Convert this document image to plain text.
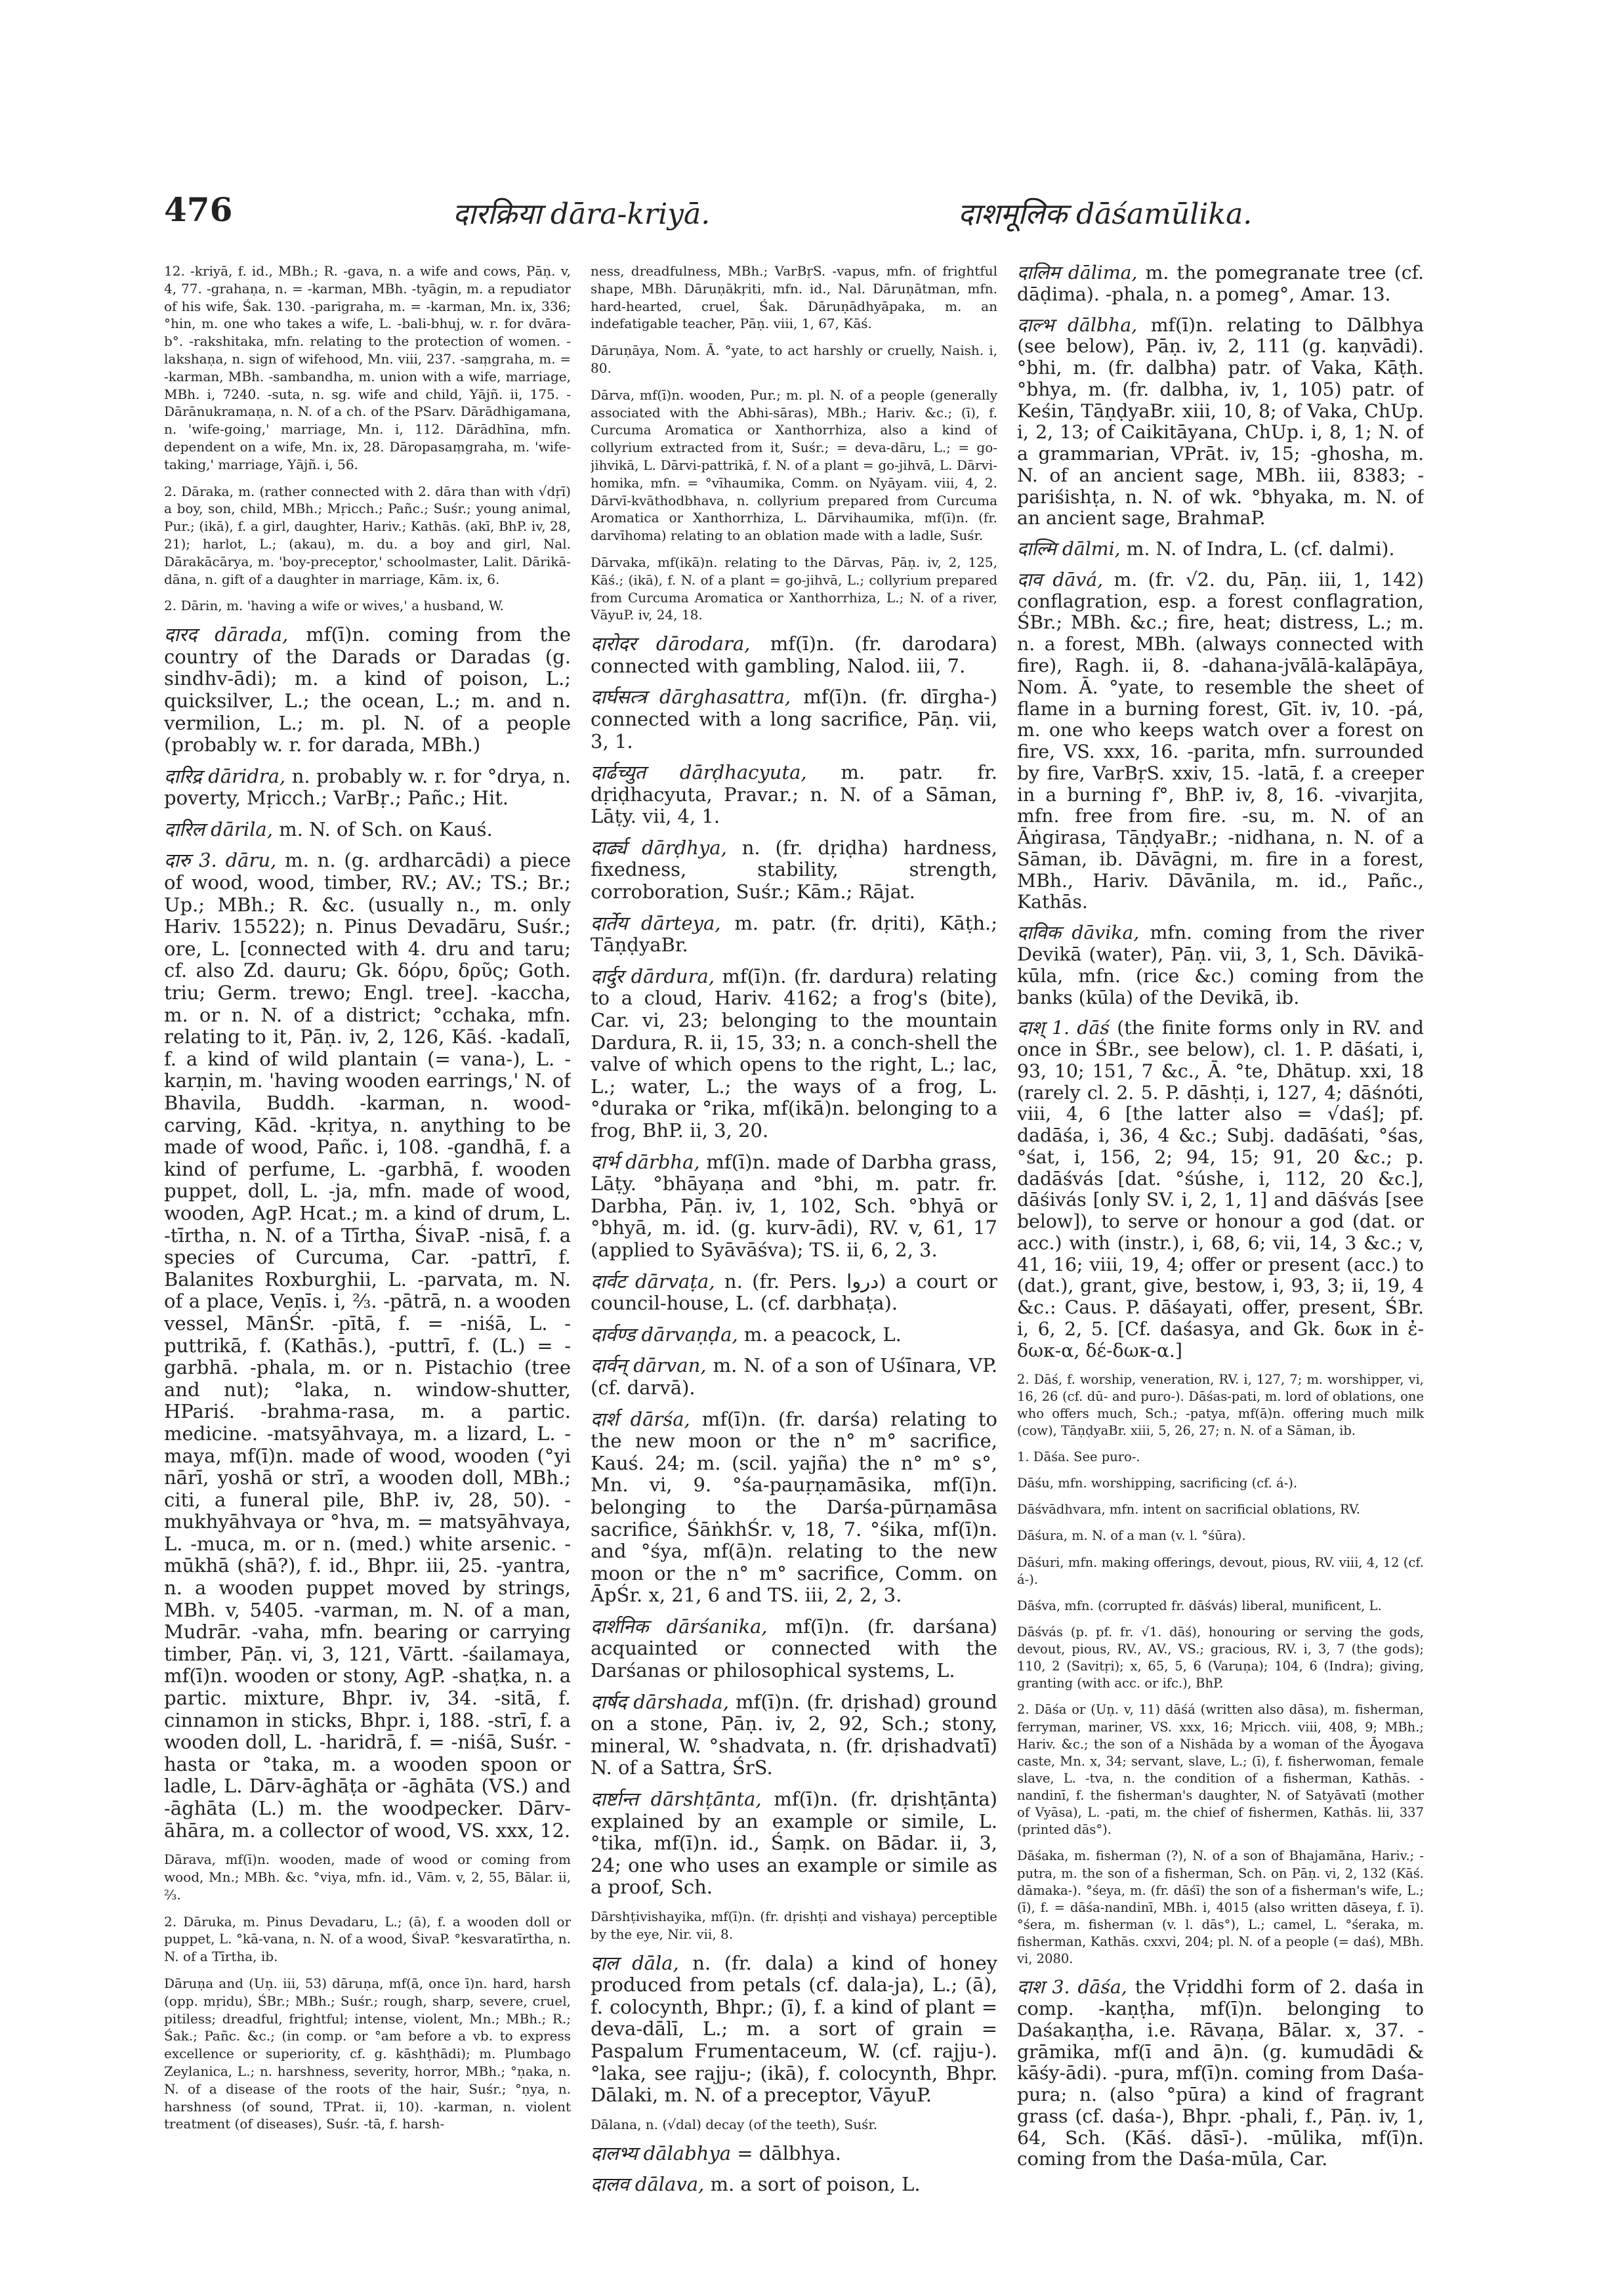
476	दारक्रिया dāra-kriyā.	दाशमूलिक dāśamūlika.

12. -kriyā, f. id., MBh.; R. -gava, n. a wife and cows, Pāṇ. v, 4, 77. -grahaṇa, n. = -karman, MBh. -tyāgin, m. a repudiator of his wife, Śak. 130. -parigraha, m. = -karman, Mn. ix, 336; °hin, m. one who takes a wife, L. -bali-bhuj, w. r. for dvāra-b°. -rakshitaka, mfn. relating to the protection of women. -lakshaṇa, n. sign of wifehood, Mn. viii, 237. -saṃgraha, m. = -karman, MBh. -sambandha, m. union with a wife, marriage, MBh. i, 7240. -suta, n. sg. wife and child, Yājñ. ii, 175. -Dārānukramaṇa, n. N. of a ch. of the PSarv. Dārādhigamana, n. 'wife-going,' marriage, Mn. i, 112. Dārādhīna, mfn. dependent on a wife, Mn. ix, 28. Dāropasaṃgraha, m. 'wife-taking,' marriage, Yājñ. i, 56.

2. Dāraka, m. (rather connected with 2. dāra than with √dṛī) a boy, son, child, MBh.; Mṛicch.; Pañc.; Suśr.; young animal, Pur.; (ikā), f. a girl, daughter, Hariv.; Kathās. (akī, BhP. iv, 28, 21); harlot, L.; (akau), m. du. a boy and girl, Nal. Dārakācārya, m. 'boy-preceptor,' schoolmaster, Lalit. Dārikā-dāna, n. gift of a daughter in marriage, Kām. ix, 6.

2. Dārin, m. 'having a wife or wives,' a husband, W.

दारद dārada, mf(ī)n. coming from the country of the Darads or Daradas (g. sindhv-ādi); m. a kind of poison, L.; quicksilver, L.; the ocean, L.; m. and n. vermilion, L.; m. pl. N. of a people (probably w. r. for darada, MBh.)

दारिद्र dāridra, n. probably w. r. for °drya, n. poverty, Mṛicch.; VarBṛ.; Pañc.; Hit.

दारिल dārila, m. N. of Sch. on Kauś.

दारु 3. dāru, m. n. (g. ardharcādi) a piece of wood, wood, timber, RV.; AV.; TS.; Br.; Up.; MBh.; R. &c. (usually n., m. only Hariv. 15522); n. Pinus Devadāru, Suśr.; ore, L. [connected with 4. dru and taru; cf. also Zd. dauru; Gk. δόρυ, δρῦς; Goth. triu; Germ. trewo; Engl. tree]. -kaccha, m. or n. N. of a district; °cchaka, mfn. relating to it, Pāṇ. iv, 2, 126, Kāś. -kadalī, f. a kind of wild plantain (= vana-), L. -karṇin, m. 'having wooden earrings,' N. of Bhavila, Buddh. -karman, n. wood-carving, Kād. -kṛitya, n. anything to be made of wood, Pañc. i, 108. -gandhā, f. a kind of perfume, L. -garbhā, f. wooden puppet, doll, L. -ja, mfn. made of wood, wooden, AgP. Hcat.; m. a kind of drum, L. -tīrtha, n. N. of a Tīrtha, ŚivaP. -nisā, f. a species of Curcuma, Car. -pattrī, f. Balanites Roxburghii, L. -parvata, m. N. of a place, Veṇīs. i, ⅔. -pātrā, n. a wooden vessel, MānŚr. -pītā, f. = -niśā, L. -puttrikā, f. (Kathās.), -puttrī, f. (L.) = -garbhā. -phala, m. or n. Pistachio (tree and nut); °laka, n. window-shutter, HPariś. -brahma-rasa, m. a partic. medicine. -matsyāhvaya, m. a lizard, L. -maya, mf(ī)n. made of wood, wooden (°yi nārī, yoshā or strī, a wooden doll, MBh.; citi, a funeral pile, BhP. iv, 28, 50). -mukhyāhvaya or °hva, m. = matsyāhvaya, L. -muca, m. or n. (med.) white arsenic. -mūkhā (shā?), f. id., Bhpr. iii, 25. -yantra, n. a wooden puppet moved by strings, MBh. v, 5405. -varman, m. N. of a man, Mudrār. -vaha, mfn. bearing or carrying timber, Pāṇ. vi, 3, 121, Vārtt. -śailamaya, mf(ī)n. wooden or stony, AgP. -shaṭka, n. a partic. mixture, Bhpr. iv, 34. -sitā, f. cinnamon in sticks, Bhpr. i, 188. -strī, f. a wooden doll, L. -haridrā, f. = -niśā, Suśr. -hasta or °taka, m. a wooden spoon or ladle, L. Dārv-āghāṭa or -āghāta (VS.) and -āghāta (L.) m. the woodpecker. Dārv-āhāra, m. a collector of wood, VS. xxx, 12.

Dārava, mf(ī)n. wooden, made of wood or coming from wood, Mn.; MBh. &c. °viya, mfn. id., Vām. v, 2, 55, Bālar. ii, ⅔.

2. Dāruka, m. Pinus Devadaru, L.; (ā), f. a wooden doll or puppet, L. °kā-vana, n. N. of a wood, ŚivaP. °kesvaratīrtha, n. N. of a Tīrtha, ib.

Dāruṇa and (Uṇ. iii, 53) dāruṇa, mf(ā, once ī)n. hard, harsh (opp. mṛidu), ŚBr.; MBh.; Suśr.; rough, sharp, severe, cruel, pitiless; dreadful, frightful; intense, violent, Mn.; MBh.; R.; Śak.; Pañc. &c.; (in comp. or °am before a vb. to express excellence or superiority, cf. g. kāshṭhādi); m. Plumbago Zeylanica, L.; n. harshness, severity, horror, MBh.; °ṇaka, n. N. of a disease of the roots of the hair, Suśr.; °ṇya, n. harshness (of sound, TPrat. ii, 10). -karman, n. violent treatment (of diseases), Suśr. -tā, f. harsh-

ness, dreadfulness, MBh.; VarBṛS. -vapus, mfn. of frightful shape, MBh. Dāruṇākṛiti, mfn. id., Nal. Dāruṇātman, mfn. hard-hearted, cruel, Śak. Dāruṇādhyāpaka, m. an indefatigable teacher, Pāṇ. viii, 1, 67, Kāś.

Dāruṇāya, Nom. Ā. °yate, to act harshly or cruelly, Naish. i, 80.

Dārva, mf(ī)n. wooden, Pur.; m. pl. N. of a people (generally associated with the Abhi-sāras), MBh.; Hariv. &c.; (ī), f. Curcuma Aromatica or Xanthorrhiza, also a kind of collyrium extracted from it, Suśr.; = deva-dāru, L.; = go-jihvikā, L. Dārvi-pattrikā, f. N. of a plant = go-jihvā, L. Dārvi-homika, mfn. = °vīhaumika, Comm. on Nyāyam. viii, 4, 2. Dārvī-kvāthodbhava, n. collyrium prepared from Curcuma Aromatica or Xanthorrhiza, L. Dārvihaumika, mf(ī)n. (fr. darvīhoma) relating to an oblation made with a ladle, Suśr.

Dārvaka, mf(ikā)n. relating to the Dārvas, Pāṇ. iv, 2, 125, Kāś.; (ikā), f. N. of a plant = go-jihvā, L.; collyrium prepared from Curcuma Aromatica or Xanthorrhiza, L.; N. of a river, VāyuP. iv, 24, 18.

दारोदर dārodara, mf(ī)n. (fr. darodara) connected with gambling, Nalod. iii, 7.

दार्घसत्त्र dārghasattra, mf(ī)n. (fr. dīrgha-) connected with a long sacrifice, Pāṇ. vii, 3, 1.

दार्ढच्युत dārḍhacyuta, m. patr. fr. dṛiḍhacyuta, Pravar.; n. N. of a Sāman, Lāṭy. vii, 4, 1.

दार्ढ्य dārḍhya, n. (fr. dṛiḍha) hardness, fixedness, stability, strength, corroboration, Suśr.; Kām.; Rājat.

दार्तेय dārteya, m. patr. (fr. dṛiti), Kāṭh.; TāṇḍyaBr.

दार्दुर dārdura, mf(ī)n. (fr. dardura) relating to a cloud, Hariv. 4162; a frog's (bite), Car. vi, 23; belonging to the mountain Dardura, R. ii, 15, 33; n. a conch-shell the valve of which opens to the right, L.; lac, L.; water, L.; the ways of a frog, L. °duraka or °rika, mf(ikā)n. belonging to a frog, BhP. ii, 3, 20.

दार्भ dārbha, mf(ī)n. made of Darbha grass, Lāṭy. °bhāyaṇa and °bhi, m. patr. fr. Darbha, Pāṇ. iv, 1, 102, Sch. °bhyā or °bhyā, m. id. (g. kurv-ādi), RV. v, 61, 17 (applied to Syāvāśva); TS. ii, 6, 2, 3.

दार्वट dārvaṭa, n. (fr. Pers. دروا) a court or council-house, L. (cf. darbhaṭa).

दार्वण्ड dārvaṇḍa, m. a peacock, L.

दार्वन् dārvan, m. N. of a son of Uśīnara, VP. (cf. darvā).

दार्श dārśa, mf(ī)n. (fr. darśa) relating to the new moon or the n° m° sacrifice, Kauś. 24; m. (scil. yajña) the n° m° s°, Mn. vi, 9. °śa-pauṛṇamāsika, mf(ī)n. belonging to the Darśa-pūrṇamāsa sacrifice, ŚāṅkhŚr. v, 18, 7. °śika, mf(ī)n. and °śya, mf(ā)n. relating to the new moon or the n° m° sacrifice, Comm. on ĀpŚr. x, 21, 6 and TS. iii, 2, 2, 3.

दार्शनिक dārśanika, mf(ī)n. (fr. darśana) acquainted or connected with the Darśanas or philosophical systems, L.

दार्षद dārshada, mf(ī)n. (fr. dṛishad) ground on a stone, Pāṇ. iv, 2, 92, Sch.; stony, mineral, W. °shadvata, n. (fr. dṛishadvatī) N. of a Sattra, ŚrS.

दार्ष्टान्त dārshṭānta, mf(ī)n. (fr. dṛishṭānta) explained by an example or simile, L. °tika, mf(ī)n. id., Śaṃk. on Bādar. ii, 3, 24; one who uses an example or simile as a proof, Sch.

Dārshṭivishayika, mf(ī)n. (fr. dṛishṭi and vishaya) perceptible by the eye, Nir. vii, 8.

दाल dāla, n. (fr. dala) a kind of honey produced from petals (cf. dala-ja), L.; (ā), f. colocynth, Bhpr.; (ī), f. a kind of plant = deva-dālī, L.; m. a sort of grain = Paspalum Frumentaceum, W. (cf. rajju-). °laka, see rajju-; (ikā), f. colocynth, Bhpr. Dālaki, m. N. of a preceptor, VāyuP.

Dālana, n. (√dal) decay (of the teeth), Suśr.

दालभ्य dālabhya = dālbhya.

दालव dālava, m. a sort of poison, L.

दालिम dālima, m. the pomegranate tree (cf. dāḍima). -phala, n. a pomeg°, Amar. 13.

दाल्भ dālbha, mf(ī)n. relating to Dālbhya (see below), Pāṇ. iv, 2, 111 (g. kaṇvādi). °bhi, m. (fr. dalbha) patr. of Vaka, Kāṭh. °bhya, m. (fr. dalbha, iv, 1, 105) patr. of Keśin, TāṇḍyaBr. xiii, 10, 8; of Vaka, ChUp. i, 2, 13; of Caikitāyana, ChUp. i, 8, 1; N. of a grammarian, VPrāt. iv, 15; -ghosha, m. N. of an ancient sage, MBh. iii, 8383; -pariśishṭa, n. N. of wk. °bhyaka, m. N. of an ancient sage, BrahmaP.

दाल्मि dālmi, m. N. of Indra, L. (cf. dalmi).

दाव dāvá, m. (fr. √2. du, Pāṇ. iii, 1, 142) conflagration, esp. a forest conflagration, ŚBr.; MBh. &c.; fire, heat; distress, L.; m. n. a forest, MBh. (always connected with fire), Ragh. ii, 8. -dahana-jvālā-kalāpāya, Nom. Ā. °yate, to resemble the sheet of flame in a burning forest, Gīt. iv, 10. -pá, m. one who keeps watch over a forest on fire, VS. xxx, 16. -parita, mfn. surrounded by fire, VarBṛS. xxiv, 15. -latā, f. a creeper in a burning f°, BhP. iv, 8, 16. -vivarjita, mfn. free from fire. -su, m. N. of an Āṅgirasa, TāṇḍyaBr.; -nidhana, n. N. of a Sāman, ib. Dāvāgni, m. fire in a forest, MBh., Hariv. Dāvānila, m. id., Pañc., Kathās.

दाविक dāvika, mfn. coming from the river Devikā (water), Pāṇ. vii, 3, 1, Sch. Dāvikā-kūla, mfn. (rice &c.) coming from the banks (kūla) of the Devikā, ib.

दाश् 1. dāś (the finite forms only in RV. and once in ŚBr., see below), cl. 1. P. dāśati, i, 93, 10; 151, 7 &c., Ā. °te, Dhātup. xxi, 18 (rarely cl. 2. 5. P. dāshṭi, i, 127, 4; dāśnóti, viii, 4, 6 [the latter also = √daś]; pf. dadāśa, i, 36, 4 &c.; Subj. dadāśati, °śas, °śat, i, 156, 2; 94, 15; 91, 20 &c.; p. dadāśvás [dat. °śúshe, i, 112, 20 &c.], dāśivás [only SV. i, 2, 1, 1] and dāśvás [see below]), to serve or honour a god (dat. or acc.) with (instr.), i, 68, 6; vii, 14, 3 &c.; v, 41, 16; viii, 19, 4; offer or present (acc.) to (dat.), grant, give, bestow, i, 93, 3; ii, 19, 4 &c.: Caus. P. dāśayati, offer, present, ŚBr. i, 6, 2, 5. [Cf. daśasya, and Gk. δωκ in ἐ-δωκ-α, δέ-δωκ-α.]

2. Dāś, f. worship, veneration, RV. i, 127, 7; m. worshipper, vi, 16, 26 (cf. dū- and puro-). Dāśas-pati, m. lord of oblations, one who offers much, Sch.; -patya, mf(ā)n. offering much milk (cow), TāṇḍyaBr. xiii, 5, 26, 27; n. N. of a Sāman, ib.

1. Dāśa. See puro-.

Dāśu, mfn. worshipping, sacrificing (cf. á-).

Dāśvādhvara, mfn. intent on sacrificial oblations, RV.

Dāśura, m. N. of a man (v. l. °śūra).

Dāśuri, mfn. making offerings, devout, pious, RV. viii, 4, 12 (cf. á-).

Dāśva, mfn. (corrupted fr. dāśvás) liberal, munificent, L.

Dāśvás (p. pf. fr. √1. dāś), honouring or serving the gods, devout, pious, RV., AV., VS.; gracious, RV. i, 3, 7 (the gods); 110, 2 (Savitṛi); x, 65, 5, 6 (Varuṇa); 104, 6 (Indra); giving, granting (with acc. or ifc.), BhP.

2. Dāśa or (Uṇ. v, 11) dāśá (written also dāsa), m. fisherman, ferryman, mariner, VS. xxx, 16; Mṛicch. viii, 408, 9; MBh.; Hariv. &c.; the son of a Nishāda by a woman of the Āyogava caste, Mn. x, 34; servant, slave, L.; (ī), f. fisherwoman, female slave, L. -tva, n. the condition of a fisherman, Kathās. -nandinī, f. the fisherman's daughter, N. of Satyāvatī (mother of Vyāsa), L. -pati, m. the chief of fishermen, Kathās. lii, 337 (printed dās°).

Dāśaka, m. fisherman (?), N. of a son of Bhajamāna, Hariv.; -putra, m. the son of a fisherman, Sch. on Pāṇ. vi, 2, 132 (Kāś. dāmaka-). °śeya, m. (fr. dāśī) the son of a fisherman's wife, L.; (ī), f. = dāśa-nandinī, MBh. i, 4015 (also written dāseya, f. ī). °śera, m. fisherman (v. l. dās°), L.; camel, L. °śeraka, m. fisherman, Kathās. cxxvi, 204; pl. N. of a people (= daś), MBh. vi, 2080.

दाश 3. dāśa, the Vṛiddhi form of 2. daśa in comp. -kaṇṭha, mf(ī)n. belonging to Daśakaṇṭha, i.e. Rāvaṇa, Bālar. x, 37. -grāmika, mf(ī and ā)n. (g. kumudādi & kāśy-ādi). -pura, mf(ī)n. coming from Daśa-pura; n. (also °pūra) a kind of fragrant grass (cf. daśa-), Bhpr. -phali, f., Pāṇ. iv, 1, 64, Sch. (Kāś. dāsī-). -mūlika, mf(ī)n. coming from the Daśa-mūla, Car.
